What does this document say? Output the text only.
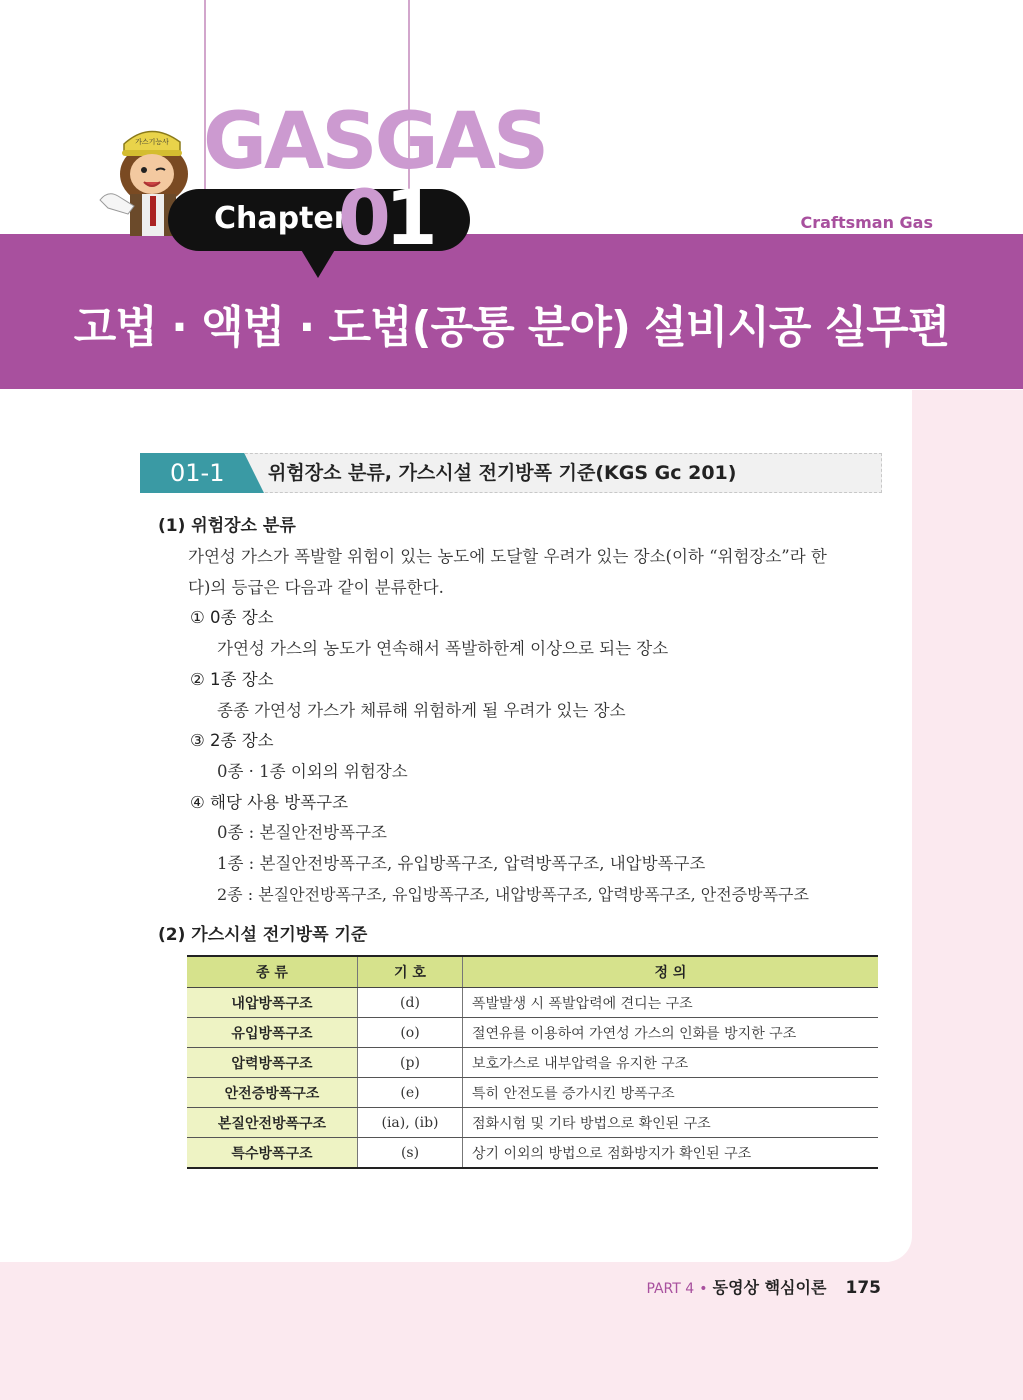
GASGAS
가스기능사
Craftsman Gas
Chapter
01
고법 · 액법 · 도법(공통 분야) 설비시공 실무편
01-1 위험장소 분류, 가스시설 전기방폭 기준(KGS Gc 201)
(1) 위험장소 분류
가연성 가스가 폭발할 위험이 있는 농도에 도달할 우려가 있는 장소(이하 “위험장소”라 한
다)의 등급은 다음과 같이 분류한다.
① 0종 장소
가연성 가스의 농도가 연속해서 폭발하한계 이상으로 되는 장소
② 1종 장소
종종 가연성 가스가 체류해 위험하게 될 우려가 있는 장소
③ 2종 장소
0종 · 1종 이외의 위험장소
④ 해당 사용 방폭구조
0종 : 본질안전방폭구조
1종 : 본질안전방폭구조, 유입방폭구조, 압력방폭구조, 내압방폭구조
2종 : 본질안전방폭구조, 유입방폭구조, 내압방폭구조, 압력방폭구조, 안전증방폭구조
(2) 가스시설 전기방폭 기준
종 류	기 호	정 의
내압방폭구조	(d)	폭발발생 시 폭발압력에 견디는 구조
유입방폭구조	(o)	절연유를 이용하여 가연성 가스의 인화를 방지한 구조
압력방폭구조	(p)	보호가스로 내부압력을 유지한 구조
안전증방폭구조	(e)	특히 안전도를 증가시킨 방폭구조
본질안전방폭구조	(ia), (ib)	점화시험 및 기타 방법으로 확인된 구조
특수방폭구조	(s)	상기 이외의 방법으로 점화방지가 확인된 구조
PART 4 • 동영상 핵심이론 175
